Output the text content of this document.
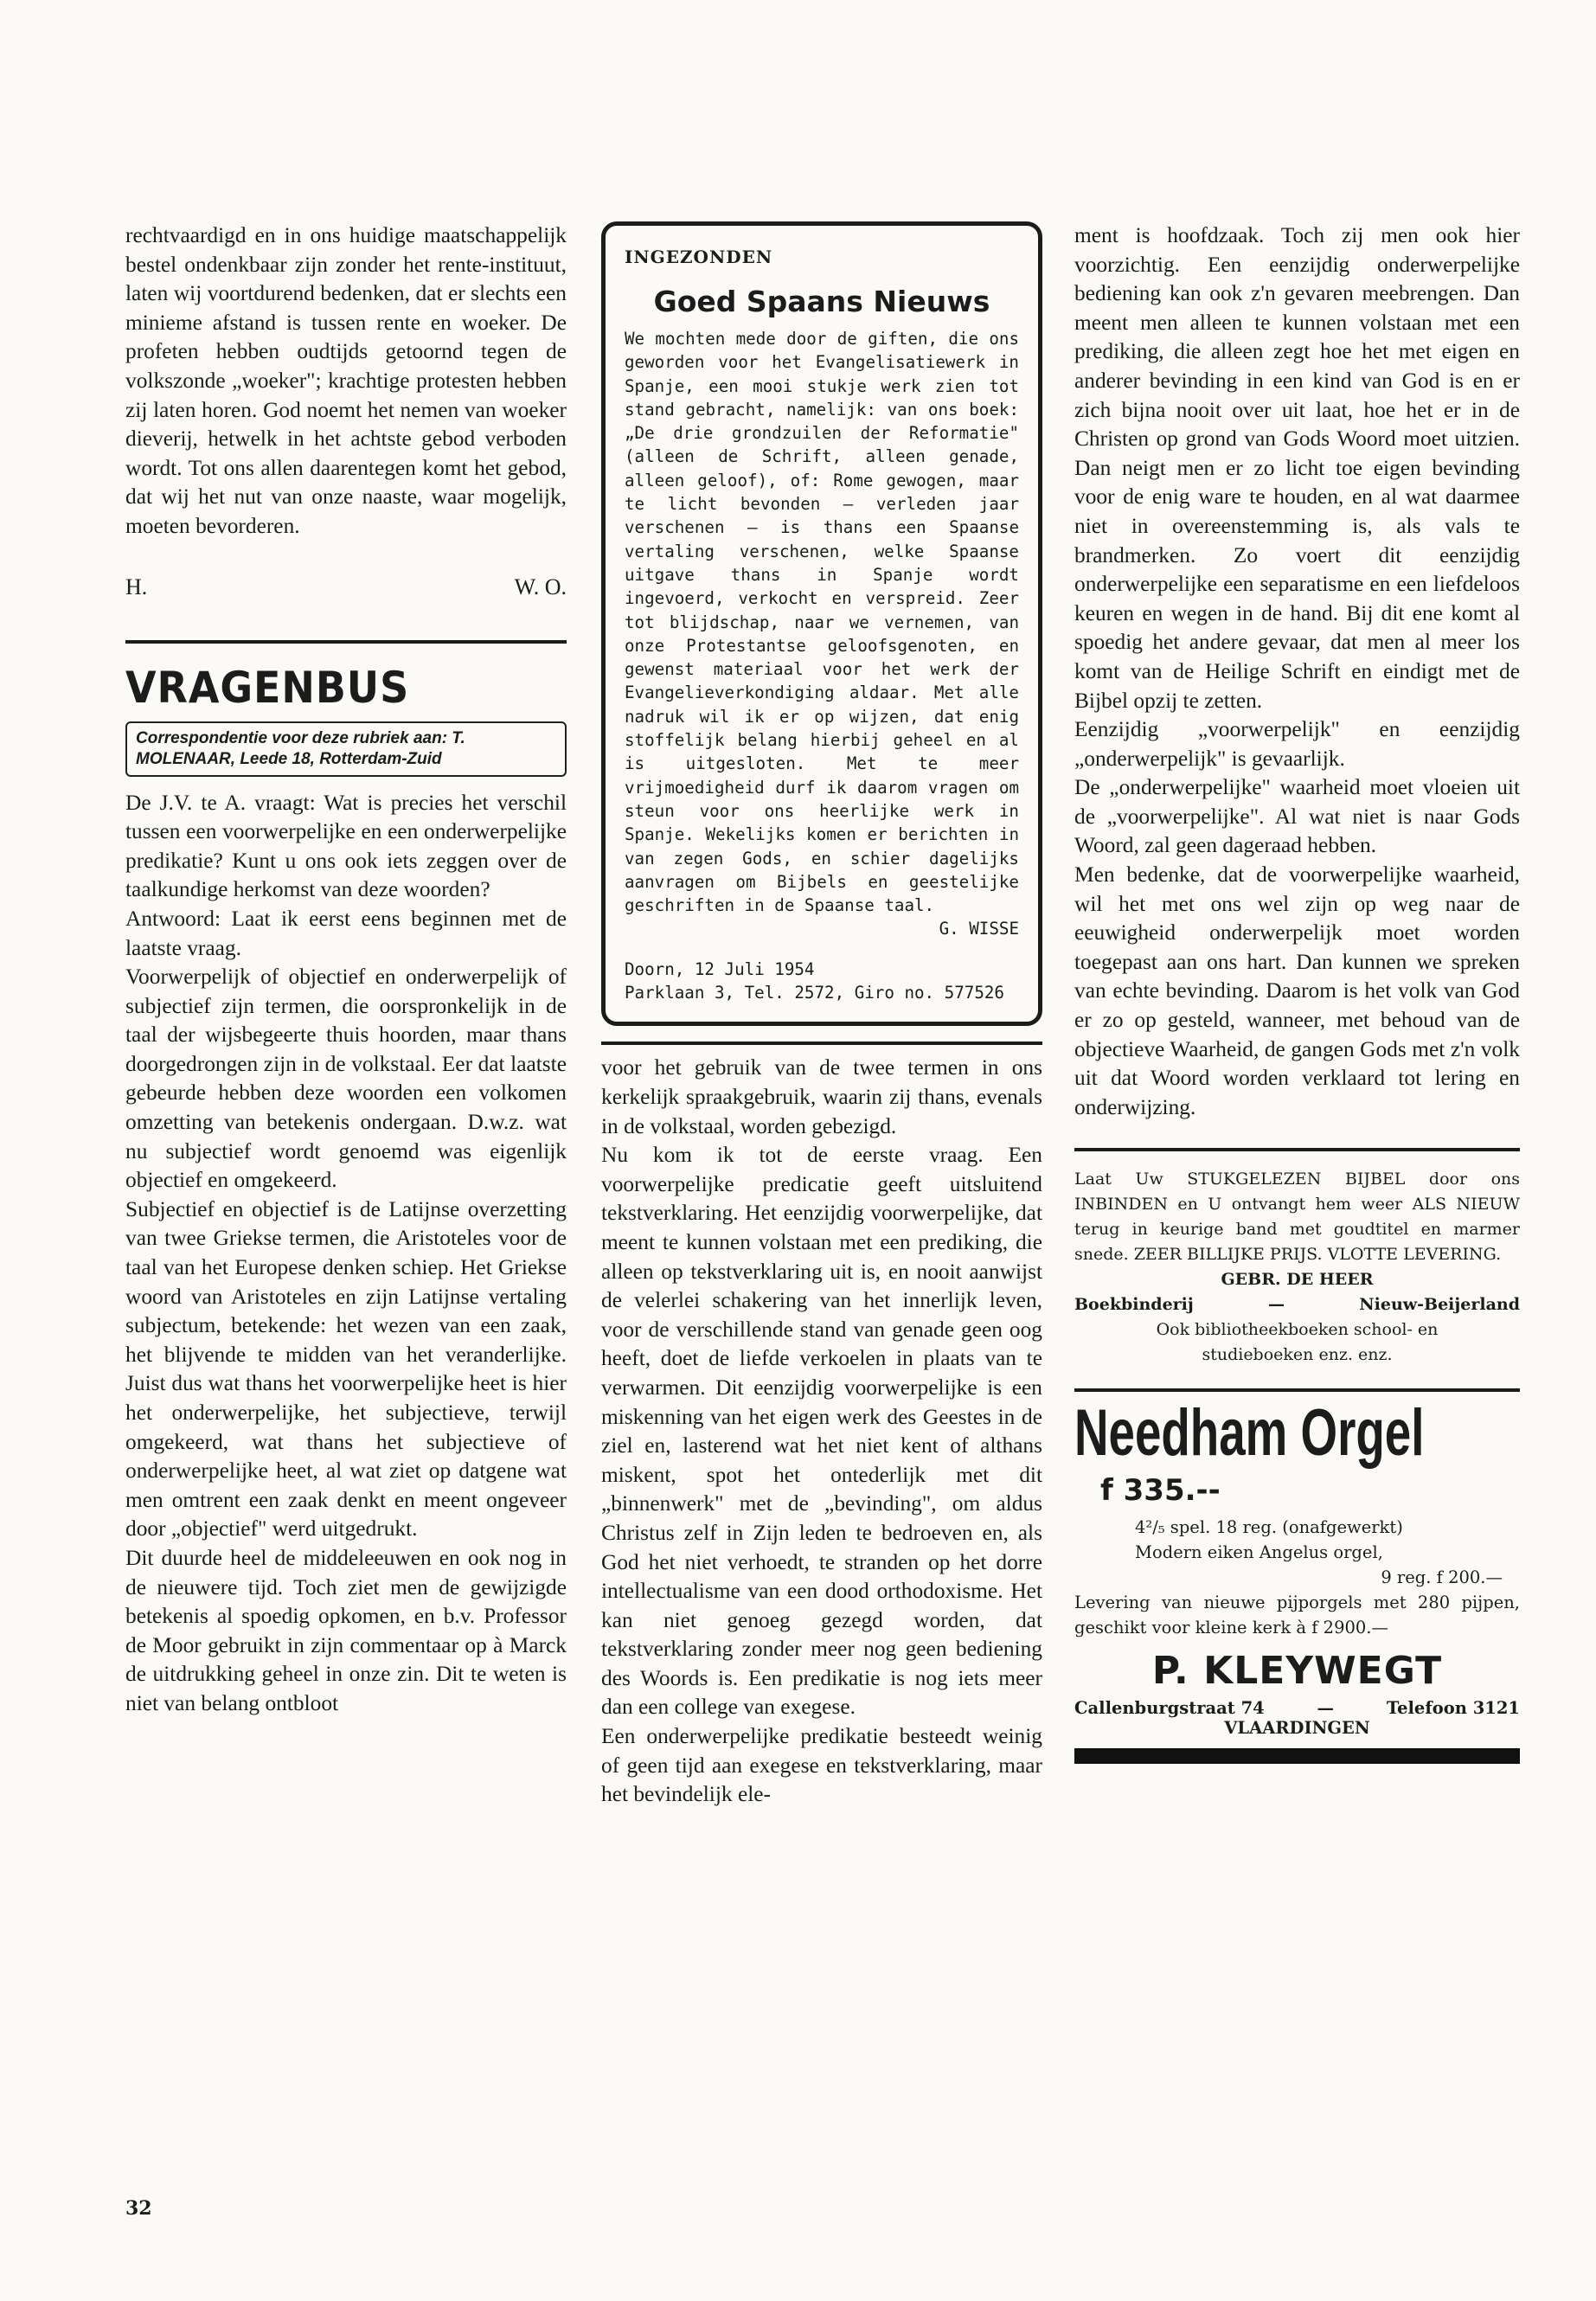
rechtvaardigd en in ons huidige maatschappelijk bestel ondenkbaar zijn zonder het rente-instituut, laten wij voortdurend bedenken, dat er slechts een minieme afstand is tussen rente en woeker. De profeten hebben oudtijds getoornd tegen de volkszonde „woeker"; krachtige protesten hebben zij laten horen. God noemt het nemen van woeker dieverij, hetwelk in het achtste gebod verboden wordt. Tot ons allen daarentegen komt het gebod, dat wij het nut van onze naaste, waar mogelijk, moeten bevorderen.

H.	W. O.
VRAGENBUS
Correspondentie voor deze rubriek aan: T. MOLENAAR, Leede 18, Rotterdam-Zuid

De J.V. te A. vraagt: Wat is precies het verschil tussen een voorwerpelijke en een onderwerpelijke predikatie? Kunt u ons ook iets zeggen over de taalkundige herkomst van deze woorden?

Antwoord: Laat ik eerst eens beginnen met de laatste vraag.

Voorwerpelijk of objectief en onderwerpelijk of subjectief zijn termen, die oorspronkelijk in de taal der wijsbegeerte thuis hoorden, maar thans doorgedrongen zijn in de volkstaal. Eer dat laatste gebeurde hebben deze woorden een volkomen omzetting van betekenis ondergaan. D.w.z. wat nu subjectief wordt genoemd was eigenlijk objectief en omgekeerd.

Subjectief en objectief is de Latijnse overzetting van twee Griekse termen, die Aristoteles voor de taal van het Europese denken schiep. Het Griekse woord van Aristoteles en zijn Latijnse vertaling subjectum, betekende: het wezen van een zaak, het blijvende te midden van het veranderlijke. Juist dus wat thans het voorwerpelijke heet is hier het onderwerpelijke, het subjectieve, terwijl omgekeerd, wat thans het subjectieve of onderwerpelijke heet, al wat ziet op datgene wat men omtrent een zaak denkt en meent ongeveer door „objectief" werd uitgedrukt.

Dit duurde heel de middeleeuwen en ook nog in de nieuwere tijd. Toch ziet men de gewijzigde betekenis al spoedig opkomen, en b.v. Professor de Moor gebruikt in zijn commentaar op à Marck de uitdrukking geheel in onze zin. Dit te weten is niet van belang ontbloot

32
INGEZONDEN
Goed Spaans Nieuws

We mochten mede door de giften, die ons geworden voor het Evangelisatiewerk in Spanje, een mooi stukje werk zien tot stand gebracht, namelijk: van ons boek: „De drie grondzuilen der Reformatie" (alleen de Schrift, alleen genade, alleen geloof), of: Rome gewogen, maar te licht bevonden — verleden jaar verschenen — is thans een Spaanse vertaling verschenen, welke Spaanse uitgave thans in Spanje wordt ingevoerd, verkocht en verspreid. Zeer tot blijdschap, naar we vernemen, van onze Protestantse geloofsgenoten, en gewenst materiaal voor het werk der Evangelieverkondiging aldaar. Met alle nadruk wil ik er op wijzen, dat enig stoffelijk belang hierbij geheel en al is uitgesloten. Met te meer vrijmoedigheid durf ik daarom vragen om steun voor ons heerlijke werk in Spanje. Wekelijks komen er berichten in van zegen Gods, en schier dagelijks aanvragen om Bijbels en geestelijke geschriften in de Spaanse taal.

G. WISSE
Doorn, 12 Juli 1954
Parklaan 3, Tel. 2572, Giro no. 577526

voor het gebruik van de twee termen in ons kerkelijk spraakgebruik, waarin zij thans, evenals in de volkstaal, worden gebezigd.

Nu kom ik tot de eerste vraag. Een voorwerpelijke predicatie geeft uitsluitend tekstverklaring. Het eenzijdig voorwerpelijke, dat meent te kunnen volstaan met een prediking, die alleen op tekstverklaring uit is, en nooit aanwijst de velerlei schakering van het innerlijk leven, voor de verschillende stand van genade geen oog heeft, doet de liefde verkoelen in plaats van te verwarmen. Dit eenzijdig voorwerpelijke is een miskenning van het eigen werk des Geestes in de ziel en, lasterend wat het niet kent of althans miskent, spot het ontederlijk met dit „binnenwerk" met de „bevinding", om aldus Christus zelf in Zijn leden te bedroeven en, als God het niet verhoedt, te stranden op het dorre intellectualisme van een dood orthodoxisme. Het kan niet genoeg gezegd worden, dat tekstverklaring zonder meer nog geen bediening des Woords is. Een predikatie is nog iets meer dan een college van exegese.

Een onderwerpelijke predikatie besteedt weinig of geen tijd aan exegese en tekstverklaring, maar het bevindelijk ele-

ment is hoofdzaak. Toch zij men ook hier voorzichtig. Een eenzijdig onderwerpelijke bediening kan ook z'n gevaren meebrengen. Dan meent men alleen te kunnen volstaan met een prediking, die alleen zegt hoe het met eigen en anderer bevinding in een kind van God is en er zich bijna nooit over uit laat, hoe het er in de Christen op grond van Gods Woord moet uitzien. Dan neigt men er zo licht toe eigen bevinding voor de enig ware te houden, en al wat daarmee niet in overeenstemming is, als vals te brandmerken. Zo voert dit eenzijdig onderwerpelijke een separatisme en een liefdeloos keuren en wegen in de hand. Bij dit ene komt al spoedig het andere gevaar, dat men al meer los komt van de Heilige Schrift en eindigt met de Bijbel opzij te zetten.

Eenzijdig „voorwerpelijk" en eenzijdig „onderwerpelijk" is gevaarlijk.

De „onderwerpelijke" waarheid moet vloeien uit de „voorwerpelijke". Al wat niet is naar Gods Woord, zal geen dageraad hebben.

Men bedenke, dat de voorwerpelijke waarheid, wil het met ons wel zijn op weg naar de eeuwigheid onderwerpelijk moet worden toegepast aan ons hart. Dan kunnen we spreken van echte bevinding. Daarom is het volk van God er zo op gesteld, wanneer, met behoud van de objectieve Waarheid, de gangen Gods met z'n volk uit dat Woord worden verklaard tot lering en onderwijzing.

Laat Uw STUKGELEZEN BIJBEL door ons INBINDEN en U ontvangt hem weer ALS NIEUW terug in keurige band met goudtitel en marmer snede. ZEER BILLIJKE PRIJS. VLOTTE LEVERING.
GEBR. DE HEER
Boekbinderij	—	Nieuw-Beijerland
Ook bibliotheekboeken school- en studieboeken enz. enz.
Needham Orgel
f 335.--
4²/₅ spel. 18 reg. (onafgewerkt)
Modern eiken Angelus orgel,
9 reg. f 200.—
Levering van nieuwe pijporgels met 280 pijpen, geschikt voor kleine kerk à f 2900.—
P. KLEYWEGT
Callenburgstraat 74	—	Telefoon 3121
VLAARDINGEN
